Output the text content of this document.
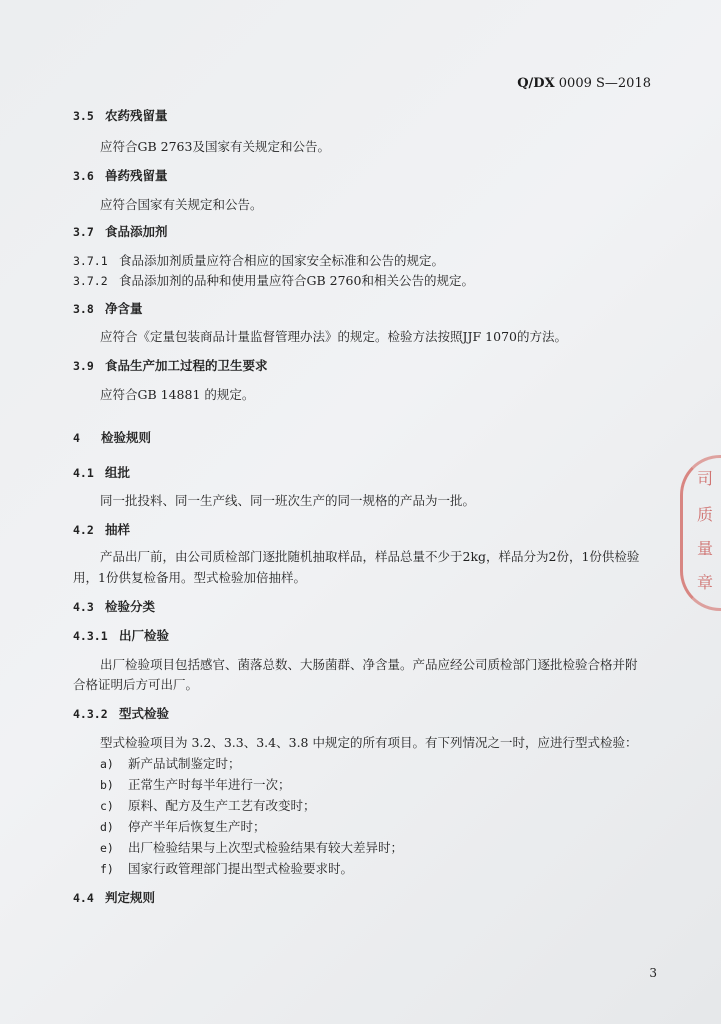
Q/DX 0009 S—2018
3.5 农药残留量
应符合GB 2763及国家有关规定和公告。
3.6 兽药残留量
应符合国家有关规定和公告。
3.7 食品添加剂
3.7.1 食品添加剂质量应符合相应的国家安全标准和公告的规定。
3.7.2 食品添加剂的品种和使用量应符合GB 2760和相关公告的规定。
3.8 净含量
应符合《定量包装商品计量监督管理办法》的规定。检验方法按照JJF 1070的方法。
3.9 食品生产加工过程的卫生要求
应符合GB 14881 的规定。
4 检验规则
4.1 组批
同一批投料、同一生产线、同一班次生产的同一规格的产品为一批。
4.2 抽样
产品出厂前，由公司质检部门逐批随机抽取样品，样品总量不少于2kg，样品分为2份，1份供检验
用，1份供复检备用。型式检验加倍抽样。
4.3 检验分类
4.3.1 出厂检验
出厂检验项目包括感官、菌落总数、大肠菌群、净含量。产品应经公司质检部门逐批检验合格并附
合格证明后方可出厂。
4.3.2 型式检验
型式检验项目为 3.2、3.3、3.4、3.8 中规定的所有项目。有下列情况之一时，应进行型式检验：
a) 新产品试制鉴定时；
b) 正常生产时每半年进行一次；
c) 原料、配方及生产工艺有改变时；
d) 停产半年后恢复生产时；
e) 出厂检验结果与上次型式检验结果有较大差异时；
f) 国家行政管理部门提出型式检验要求时。
4.4 判定规则
司
质
量
章
3
